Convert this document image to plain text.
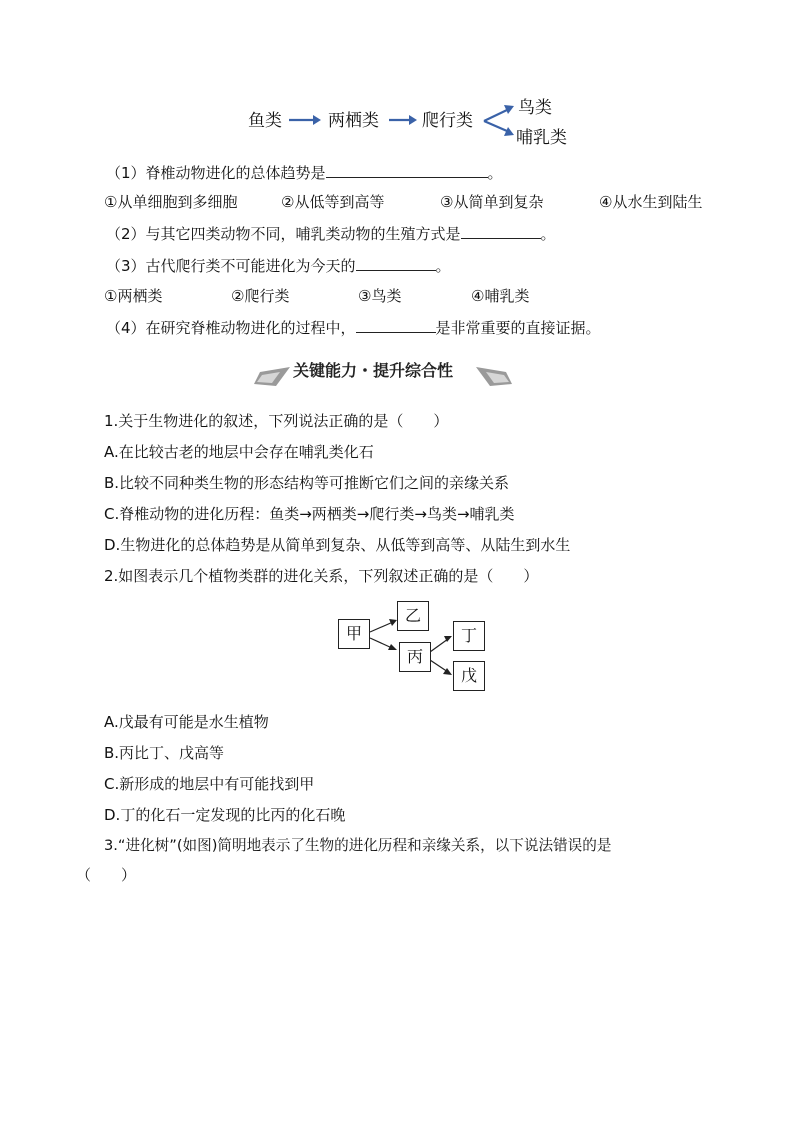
鱼类	两栖类	爬行类
鸟类
哺乳类
（1）脊椎动物进化的总体趋势是	。
①从单细胞到多细胞	②从低等到高等	③从简单到复杂	④从水生到陆生
（2）与其它四类动物不同，哺乳类动物的生殖方式是	。
（3）古代爬行类不可能进化为今天的	。
①两栖类	②爬行类	③鸟类	④哺乳类
（4）在研究脊椎动物进化的过程中，	是非常重要的直接证据。
关键能力・提升综合性
1.关于生物进化的叙述，下列说法正确的是（　　）
A.在比较古老的地层中会存在哺乳类化石
B.比较不同种类生物的形态结构等可推断它们之间的亲缘关系
C.脊椎动物的进化历程：鱼类→两栖类→爬行类→鸟类→哺乳类
D.生物进化的总体趋势是从简单到复杂、从低等到高等、从陆生到水生
2.如图表示几个植物类群的进化关系，下列叙述正确的是（　　）
甲
乙
丙
丁
戊
A.戊最有可能是水生植物
B.丙比丁、戊高等
C.新形成的地层中有可能找到甲
D.丁的化石一定发现的比丙的化石晚
3.“进化树”(如图)简明地表示了生物的进化历程和亲缘关系，以下说法错误的是
（　　）
